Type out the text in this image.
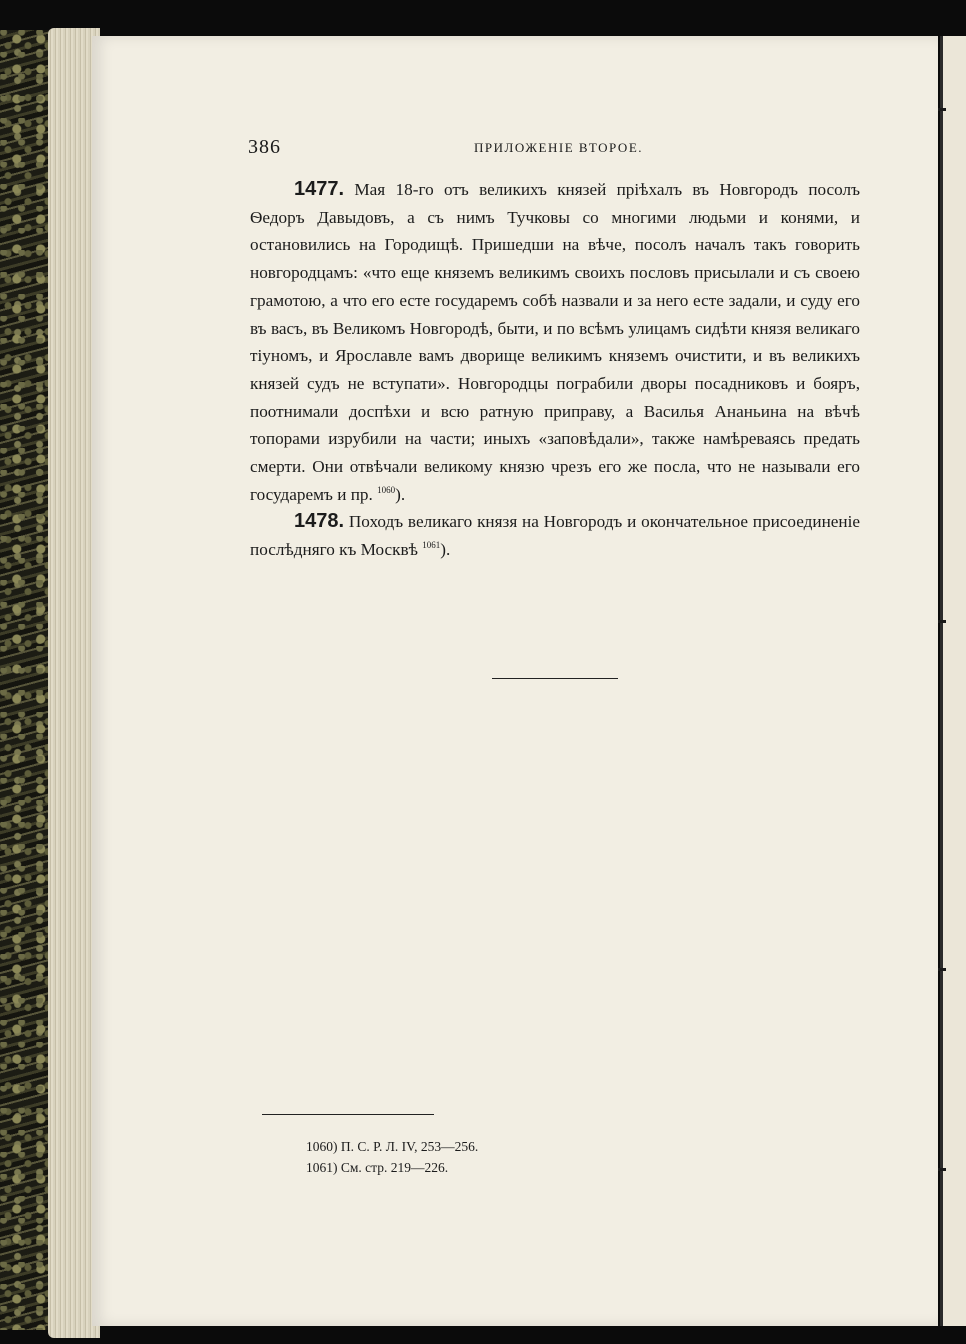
386	ПРИЛОЖЕНІЕ ВТОРОЕ.

1477. Мая 18-го отъ великихъ князей пріѣхалъ въ Новгородъ посолъ Ѳедоръ Давыдовъ, а съ нимъ Тучковы со многими людьми и конями, и остановились на Городищѣ. Пришедши на вѣче, посолъ началъ такъ говорить новгородцамъ: «что еще княземъ великимъ своихъ пословъ присылали и съ своею грамотою, а что его есте государемъ собѣ назвали и за него есте задали, и суду его въ васъ, въ Великомъ Новгородѣ, быти, и по всѣмъ улицамъ сидѣти князя великаго тіуномъ, и Ярославле вамъ дворище великимъ княземъ очистити, и въ великихъ князей судъ не вступати». Новгородцы пограбили дворы посадниковъ и бояръ, поотнимали доспѣхи и всю ратную приправу, а Василья Ананьина на вѣчѣ топорами изрубили на части; иныхъ «заповѣдали», также намѣреваясь предать смерти. Они отвѣчали великому князю чрезъ его же посла, что не называли его государемъ и пр. $^{1060}$).

1478. Походъ великаго князя на Новгородъ и окончательное присоединеніе послѣдняго къ Москвѣ $^{1061}$).

1060) П. С. Р. Л. IV, 253—256.

1061) См. стр. 219—226.
